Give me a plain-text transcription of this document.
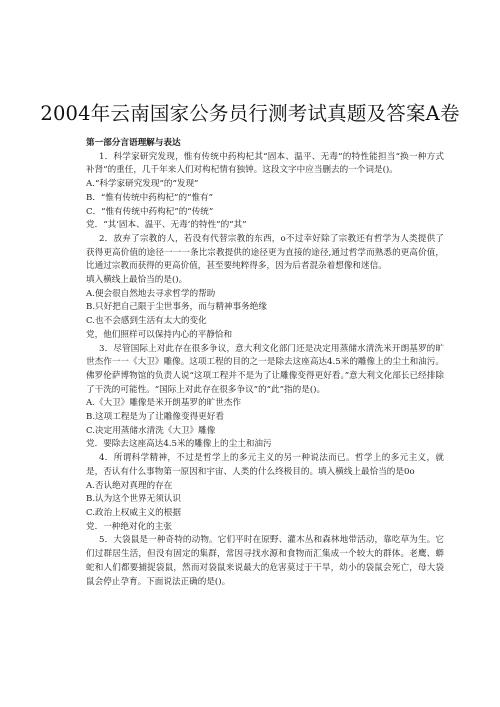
2004年云南国家公务员行测考试真题及答案A卷

第一部分言语理解与表达

1．科学家研究发现，惟有传统中药构杞其“固本、温平、无毒”的特性能担当“换一种方式补肾”的重任，几千年来人们对构杞情有独钟。这段文字中应当删去的一个词是()。

A.“科学家研究发现”的“发现”

B．“惟有传统中药构杞”的“惟有”

C．“惟有传统中药构杞”的“传统”

党．“其‘固本、温平、无毒’的特性”的“其”

2．放弃了宗教的人，若没有代替宗教的东西，o不过幸好除了宗教还有哲学为人类提供了获得更高价值的途径一一一条比宗教提供的途径更为直接的途径,通过哲学而熟悉的更高价值，比通过宗教而获得的更高价值，甚至要纯粹得多，因为后者混杂着想像和迷信。

填入横线上最恰当的是()。

A.便会很自然地去寻求哲学的帮助

B.只好把自己限于尘世事务，而与精神事务绝缘

C.也不会感到生活有太大的变化

党，他们照样可以保持内心的平静恰和

3．尽管国际上对此存在很多争议，意大利文化部门还是决定用蒸储水清洗米开朗基罗的旷世杰作一一《大卫》雕像。这项工程的目的之一是除去这座高达4.5米的雕像上的尘土和油污。佛罗伦萨博物馆的负责人说“这项工程并不是为了让雕像变得更好看。”意大利文化部长已经排除了干洗的可能性。“国际上对此存在很多争议”的“此”指的是()。

A.《大卫》雕像是米开朗基罗的旷世杰作

B.这项工程是为了让雕像变得更好看

C.决定用蒸储水清洗《大卫》雕像

党．要除去这座高达4.5米的雕像上的尘土和油污

4．所谓科学精神，不过是哲学上的多元主义的另一种说法而已。哲学上的多元主义，就是，否认有什么事物第一原因和宇宙、人类的什么终极目的。填入横线上最恰当的是0o

A.否认绝对真理的存在

B.认为这个世界无须认识

C.政治上权威主义的根据

党．一种绝对化的主张

5．大袋鼠是一种奇特的动物。它们平时在原野、灌木丛和森林地带活动，靠吃草为生。它们过群居生活，但没有固定的集群，常因寻找水源和食物而汇集成一个较大的群体。老鹰、蟒蛇和人们都要捕捉袋鼠，然而对袋鼠来说最大的危害莫过于干旱，幼小的袋鼠会死亡，母大袋鼠会停止孕育。下面说法正确的是()。
